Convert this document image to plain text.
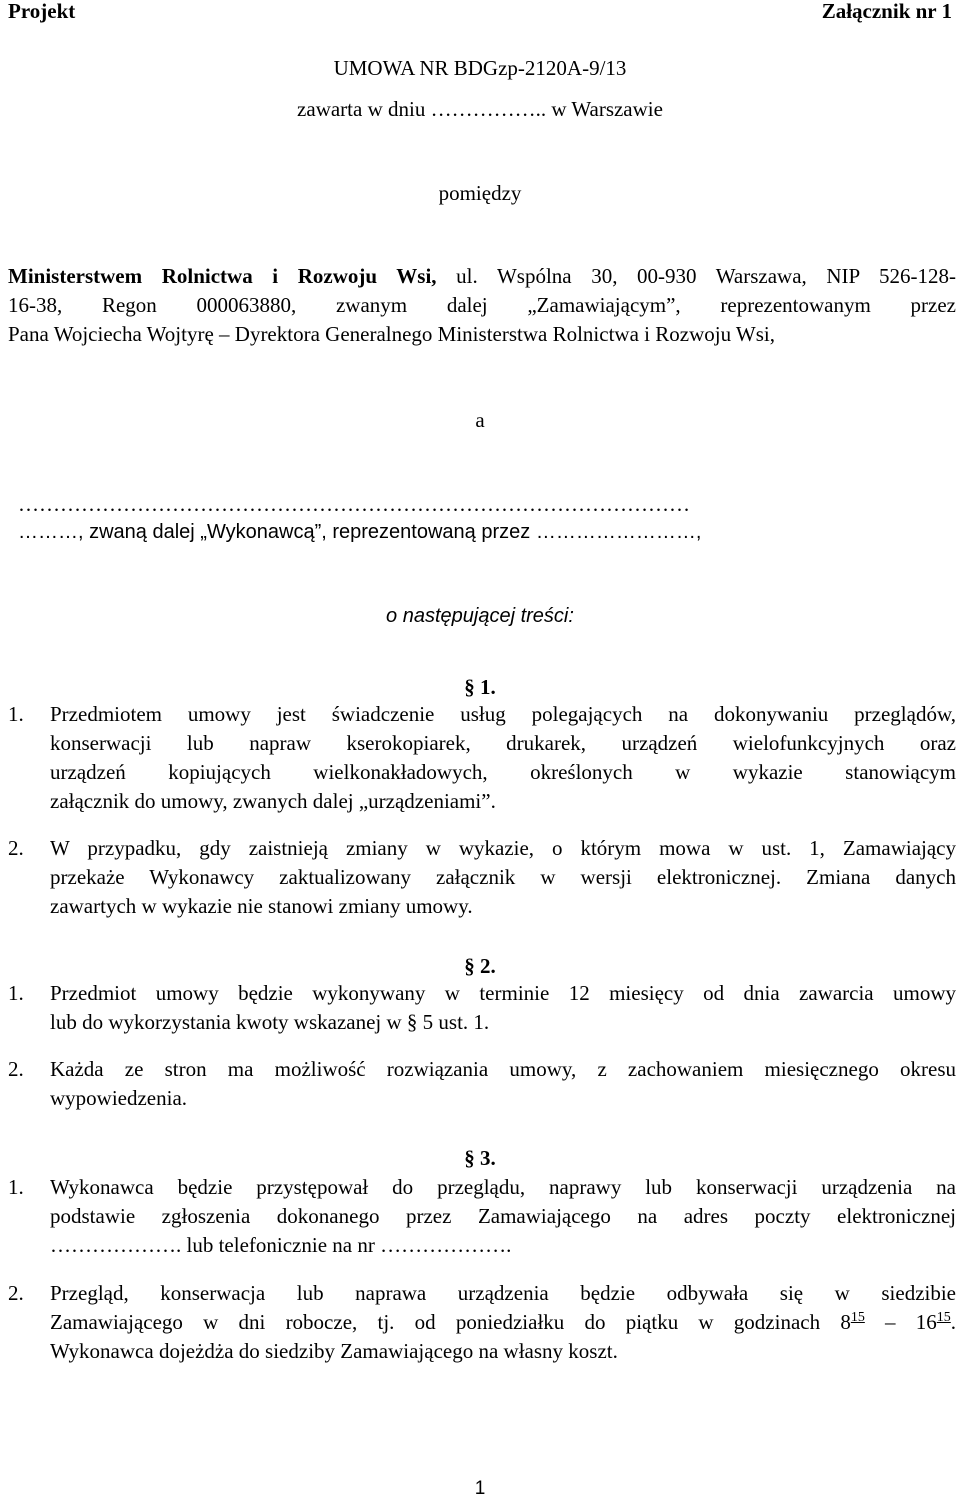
Projekt	Załącznik nr 1
UMOWA NR BDGzp-2120A-9/13
zawarta w dniu …………….. w Warszawie
pomiędzy
Ministerstwem Rolnictwa i Rozwoju Wsi, ul. Wspólna 30, 00-930 Warszawa, NIP 526-128-
16-38, Regon 000063880, zwanym dalej „Zamawiającym”, reprezentowanym przez
Pana Wojciecha Wojtyrę – Dyrektora Generalnego Ministerstwa Rolnictwa i Rozwoju Wsi,
a
……………………………………………………………………………………
………, zwaną dalej „Wykonawcą”, reprezentowaną przez ……………………,
o następującej treści:
§ 1.
1. Przedmiotem umowy jest świadczenie usług polegających na dokonywaniu przeglądów,
konserwacji lub napraw kserokopiarek, drukarek, urządzeń wielofunkcyjnych oraz
urządzeń kopiujących wielkonakładowych, określonych w wykazie stanowiącym
załącznik do umowy, zwanych dalej „urządzeniami”.
2. W przypadku, gdy zaistnieją zmiany w wykazie, o którym mowa w ust. 1, Zamawiający
przekaże Wykonawcy zaktualizowany załącznik w wersji elektronicznej. Zmiana danych
zawartych w wykazie nie stanowi zmiany umowy.
§ 2.
1. Przedmiot umowy będzie wykonywany w terminie 12 miesięcy od dnia zawarcia umowy
lub do wykorzystania kwoty wskazanej w § 5 ust. 1.
2. Każda ze stron ma możliwość rozwiązania umowy, z zachowaniem miesięcznego okresu
wypowiedzenia.
§ 3.
1. Wykonawca będzie przystępował do przeglądu, naprawy lub konserwacji urządzenia na
podstawie zgłoszenia dokonanego przez Zamawiającego na adres poczty elektronicznej
………………. lub telefonicznie na nr ……………….
2. Przegląd, konserwacja lub naprawa urządzenia będzie odbywała się w siedzibie
Zamawiającego w dni robocze, tj. od poniedziałku do piątku w godzinach $8^{15} - 16^{15}$.
Wykonawca dojeżdża do siedziby Zamawiającego na własny koszt.
1
